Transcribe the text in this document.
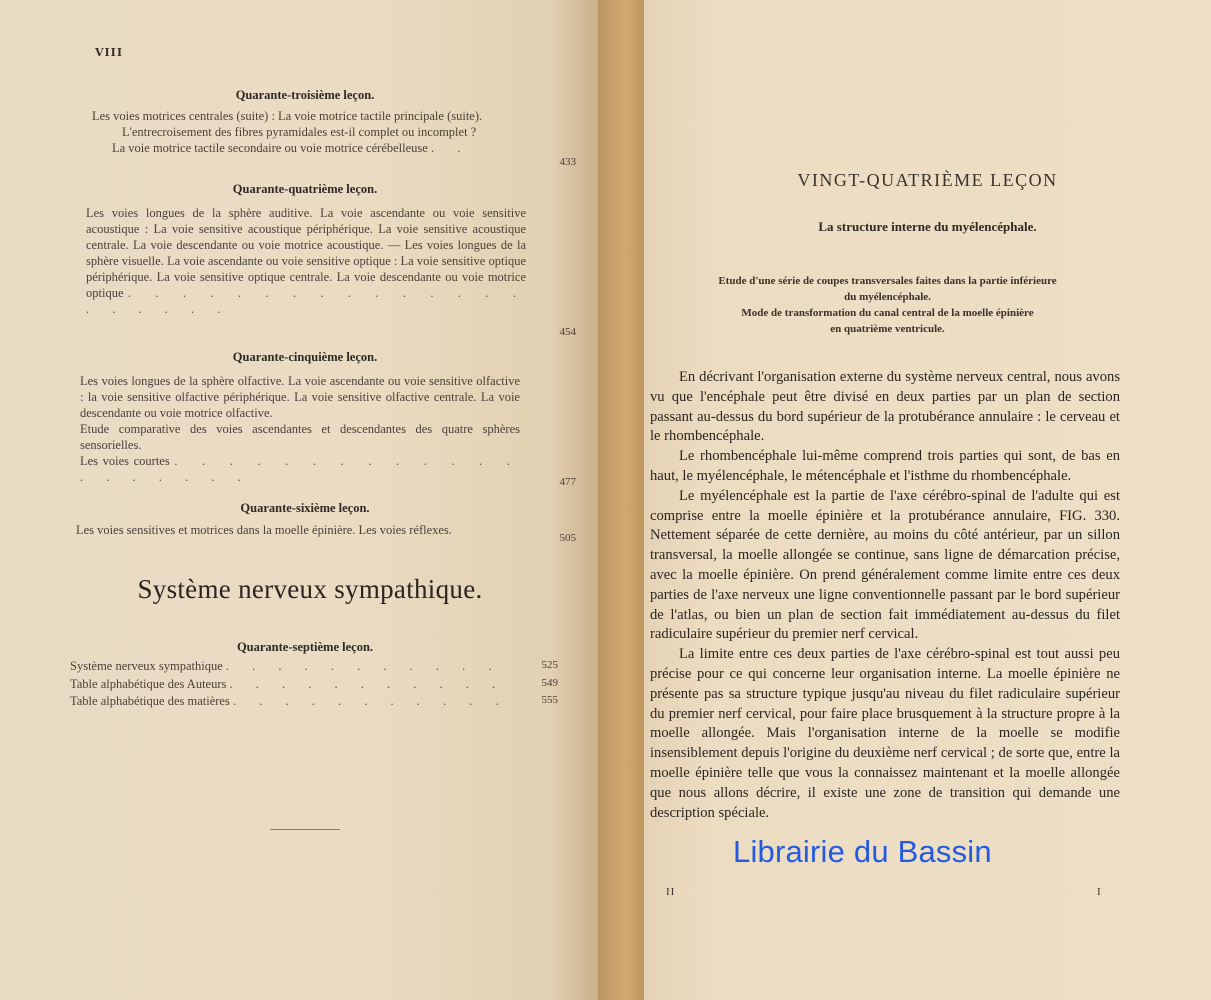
VIII
Quarante-troisième leçon.
Les voies motrices centrales (suite) : La voie motrice tactile principale (suite).
L'entrecroisement des fibres pyramidales est-il complet ou incomplet ?
La voie motrice tactile secondaire ou voie motrice cérébelleuse . .
433
Quarante-quatrième leçon.
Les voies longues de la sphère auditive. La voie ascendante ou voie sensitive acoustique : La voie sensitive acoustique périphérique. La voie sensitive acoustique centrale. La voie descendante ou voie motrice acoustique. — Les voies longues de la sphère visuelle. La voie ascendante ou voie sensitive optique : La voie sensitive optique périphérique. La voie sensitive optique centrale. La voie descendante ou voie motrice optique . . . . . . . . . . . . . . . . . . . . .
454
Quarante-cinquième leçon.
Les voies longues de la sphère olfactive. La voie ascendante ou voie sensitive olfactive : la voie sensitive olfactive périphérique. La voie sensitive olfactive centrale. La voie descendante ou voie motrice olfactive.
Etude comparative des voies ascendantes et descendantes des quatre sphères sensorielles.
Les voies courtes . . . . . . . . . . . . . . . . . . . .	477
Quarante-sixième leçon.
Les voies sensitives et motrices dans la moelle épinière. Les voies réflexes.
505
Système nerveux sympathique.
Quarante-septième leçon.
Système nerveux sympathique . . . . . . . . . . .	525
Table alphabétique des Auteurs . . . . . . . . . . .	549
Table alphabétique des matières . . . . . . . . . . .	555
VINGT-QUATRIÈME LEÇON
La structure interne du myélencéphale.
Etude d'une série de coupes transversales faites dans la partie inférieure
du myélencéphale.
Mode de transformation du canal central de la moelle épinière
en quatrième ventricule.

En décrivant l'organisation externe du système nerveux central, nous avons vu que l'encéphale peut être divisé en deux parties par un plan de section passant au-dessus du bord supérieur de la protubérance annulaire : le cerveau et le rhombencéphale.

Le rhombencéphale lui-même comprend trois parties qui sont, de bas en haut, le myélencéphale, le métencéphale et l'isthme du rhombencéphale.

Le myélencéphale est la partie de l'axe cérébro-spinal de l'adulte qui est comprise entre la moelle épinière et la protubérance annulaire, FIG. 330. Nettement séparée de cette dernière, au moins du côté antérieur, par un sillon transversal, la moelle allongée se continue, sans ligne de démarcation précise, avec la moelle épinière. On prend généralement comme limite entre ces deux parties de l'axe nerveux une ligne conventionnelle passant par le bord supérieur de l'atlas, ou bien un plan de section fait immédiatement au-dessus du filet radiculaire supérieur du premier nerf cervical.

La limite entre ces deux parties de l'axe cérébro-spinal est tout aussi peu précise pour ce qui concerne leur organisation interne. La moelle épinière ne présente pas sa structure typique jusqu'au niveau du filet radiculaire supérieur du premier nerf cervical, pour faire place brusquement à la structure propre à la moelle allongée. Mais l'organisation interne de la moelle se modifie insensiblement depuis l'origine du deuxième nerf cervical ; de sorte que, entre la moelle épinière telle que vous la connaissez maintenant et la moelle allongée que nous allons décrire, il existe une zone de transition qui demande une description spéciale.

II	I
Librairie du Bassin
